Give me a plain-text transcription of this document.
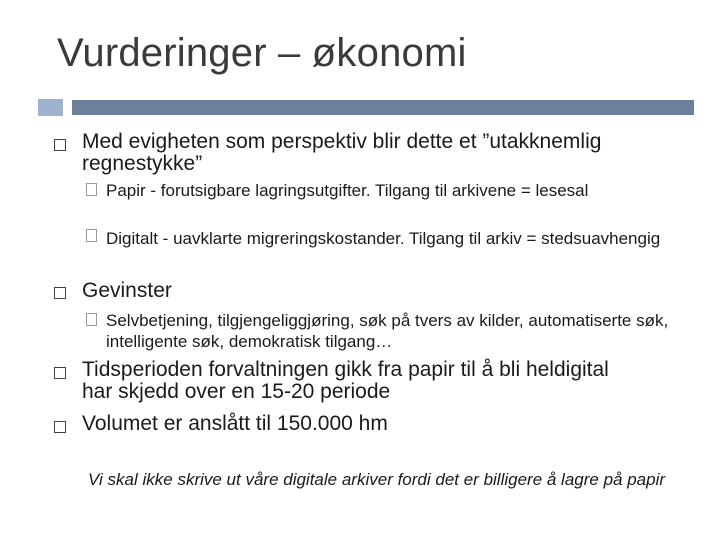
Vurderinger – økonomi

Med evigheten som perspektiv blir dette et ”utakknemlig regnestykke”

Papir - forutsigbare lagringsutgifter. Tilgang til arkivene = lesesal

Digitalt - uavklarte migreringskostander. Tilgang til arkiv = stedsuavhengig

Gevinster

Selvbetjening, tilgjengeliggjøring, søk på tvers av kilder, automatiserte søk, intelligente søk, demokratisk tilgang…

Tidsperioden forvaltningen gikk fra papir til å bli heldigital har skjedd over en 15-20 periode

Volumet er anslått til 150.000 hm

Vi skal ikke skrive ut våre digitale arkiver fordi det er billigere å lagre på papir
